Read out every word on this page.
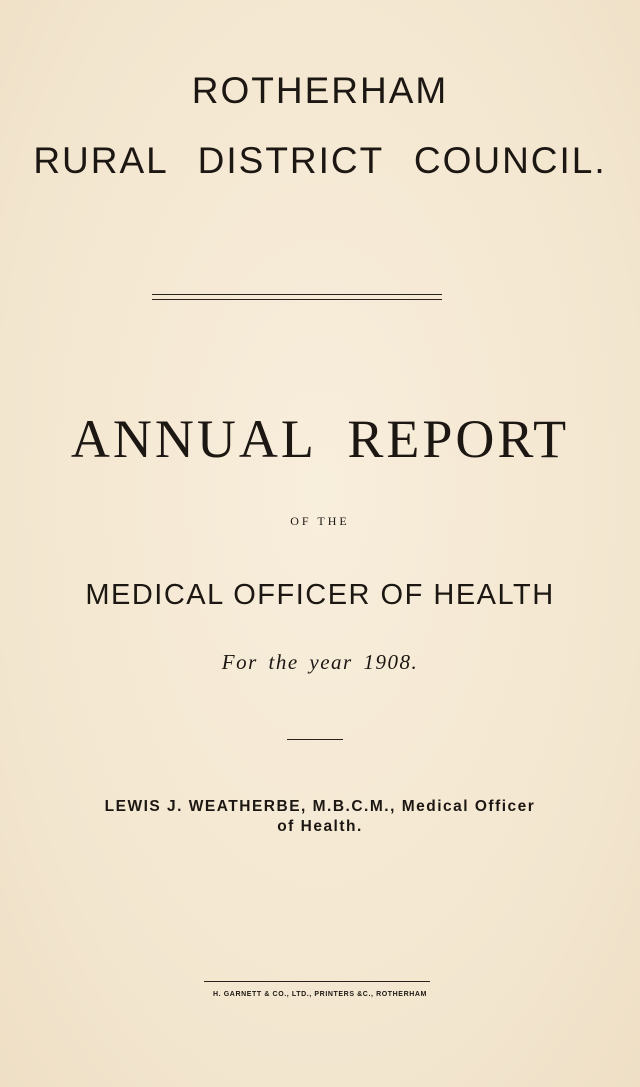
ROTHERHAM
RURAL DISTRICT COUNCIL.
ANNUAL REPORT
OF THE
MEDICAL OFFICER OF HEALTH
For the year 1908.
LEWIS J. WEATHERBE, M.B.C.M., Medical Officer
of Health.
H. GARNETT & CO., LTD., PRINTERS &C., ROTHERHAM
